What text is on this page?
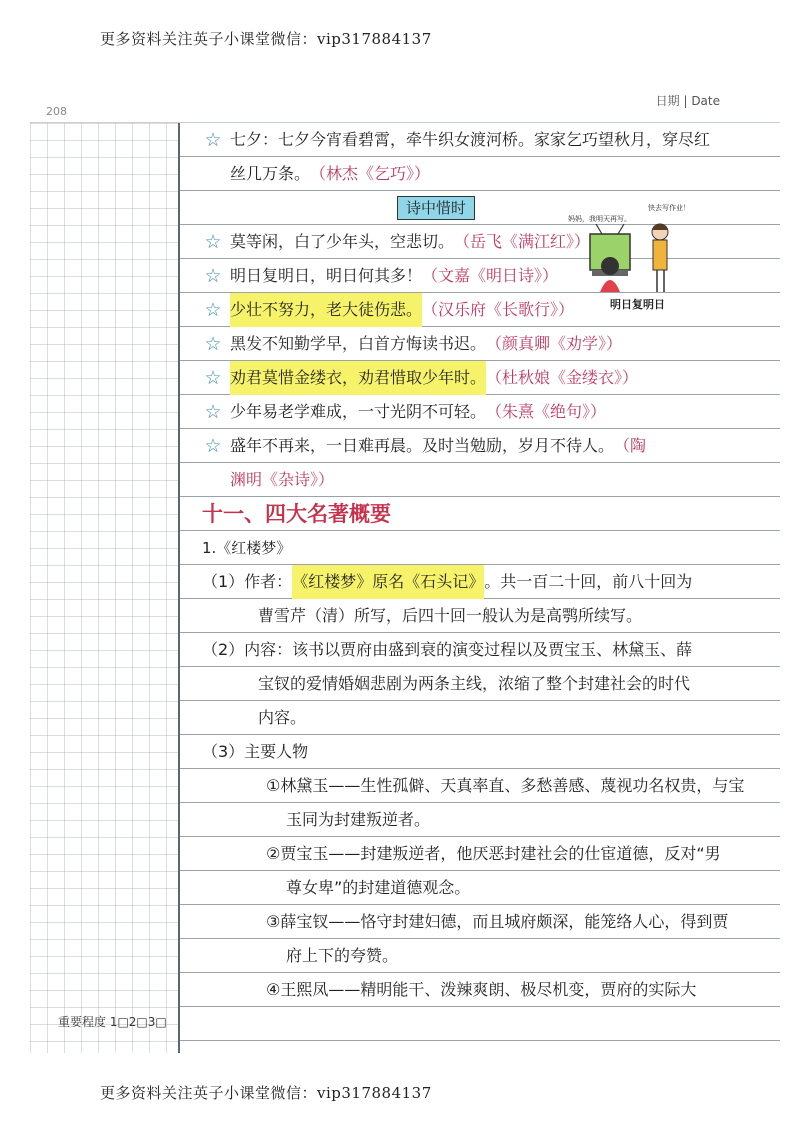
更多资料关注英子小课堂微信：vip317884137
208
日期 | Date
☆ 七夕：七夕今宵看碧霄，牵牛织女渡河桥。家家乞巧望秋月，穿尽红
丝几万条。 （林杰《乞巧》）
诗中惜时
☆ 莫等闲，白了少年头，空悲切。 （岳飞《满江红》）
☆ 明日复明日，明日何其多！ （文嘉《明日诗》）
☆ 少壮不努力，老大徒伤悲。 （汉乐府《长歌行》）
☆ 黑发不知勤学早，白首方悔读书迟。 （颜真卿《劝学》）
☆ 劝君莫惜金缕衣，劝君惜取少年时。 （杜秋娘《金缕衣》）
☆ 少年易老学难成，一寸光阴不可轻。 （朱熹《绝句》）
☆ 盛年不再来，一日难再晨。及时当勉励，岁月不待人。 （陶
渊明《杂诗》）
十一、四大名著概要
1.《红楼梦》
（1）作者： 《红楼梦》原名《石头记》 。共一百二十回，前八十回为
曹雪芹（清）所写，后四十回一般认为是高鹗所续写。
（2）内容：该书以贾府由盛到衰的演变过程以及贾宝玉、林黛玉、薛
宝钗的爱情婚姻悲剧为两条主线，浓缩了整个封建社会的时代
内容。
（3）主要人物
①林黛玉——生性孤僻、天真率直、多愁善感、蔑视功名权贵，与宝
玉同为封建叛逆者。
②贾宝玉——封建叛逆者，他厌恶封建社会的仕宦道德，反对“男
尊女卑”的封建道德观念。
③薛宝钗——恪守封建妇德，而且城府颇深，能笼络人心，得到贾
府上下的夸赞。
④王熙凤——精明能干、泼辣爽朗、极尽机变，贾府的实际大
妈妈，我明天再写。
快去写作业！
明日复明日
重要程度 1□2□3□
更多资料关注英子小课堂微信：vip317884137
